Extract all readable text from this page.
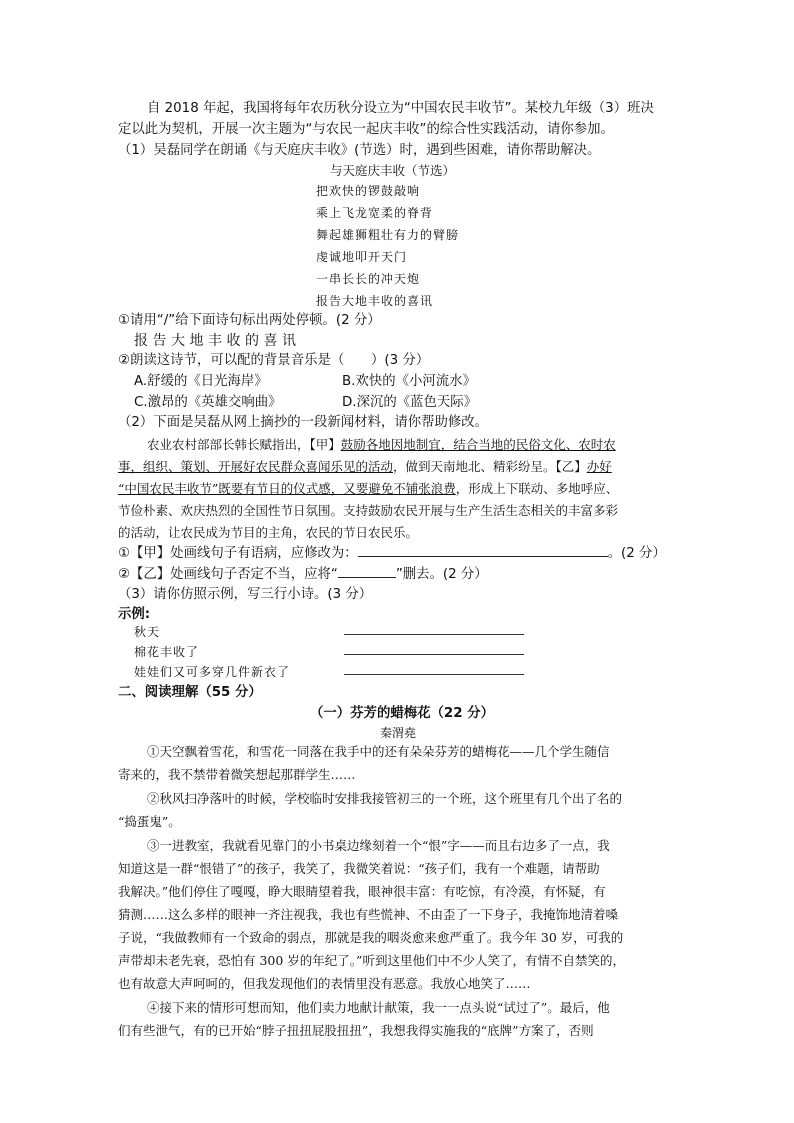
自 2018 年起，我国将每年农历秋分设立为“中国农民丰收节”。某校九年级（3）班决
定以此为契机，开展一次主题为“与农民一起庆丰收”的综合性实践活动，请你参加。
（1）吴磊同学在朗诵《与天庭庆丰收》(节选）时，遇到些困难，请你帮助解决。
与天庭庆丰收（节选）
把欢快的锣鼓敲响
乘上飞龙宽柔的脊背
舞起雄狮粗壮有力的臂膀
虔诚地叩开天门
一串长长的冲天炮
报告大地丰收的喜讯
①请用“/”给下面诗句标出两处停顿。(2 分）
报告大地丰收的喜讯
②朗读这诗节，可以配的背景音乐是（　　）(3 分）
A.舒缓的《日光海岸》	B.欢快的《小河流水》
C.激昂的《英雄交响曲》	D.深沉的《蓝色天际》
（2）下面是吴磊从网上摘抄的一段新闻材料，请你帮助修改。
农业农村部部长韩长赋指出，【甲】鼓励各地因地制宜，结合当地的民俗文化、农时农
事，组织、策划、开展好农民群众喜闻乐见的活动，做到天南地北、精彩纷呈。【乙】办好
“中国农民丰收节”既要有节日的仪式感，又要避免不铺张浪费，形成上下联动、多地呼应、
节俭朴素、欢庆热烈的全国性节日氛围。支持鼓励农民开展与生产生活生态相关的丰富多彩
的活动，让农民成为节目的主角，农民的节日农民乐。
①【甲】处画线句子有语病，应修改为：	。(2 分）
②【乙】处画线句子否定不当，应将“	”删去。(2 分）
（3）请你仿照示例，写三行小诗。(3 分）
示例:
秋天
棉花丰收了
娃娃们又可多穿几件新衣了
二、阅读理解（55 分）
（一）芬芳的蜡梅花（22 分）
秦渭堯
①天空飘着雪花，和雪花一同落在我手中的还有朵朵芬芳的蜡梅花——几个学生随信
寄来的，我不禁带着微笑想起那群学生……
②秋风扫净落叶的时候，学校临时安排我接管初三的一个班，这个班里有几个出了名的
“捣蛋鬼”。
③一进教室，我就看见靠门的小书桌边缘刻着一个“恨”字——而且右边多了一点，我
知道这是一群“恨错了”的孩子，我笑了，我微笑着说：“孩子们，我有一个难题，请帮助
我解决。”他们停住了嘎嘎，睁大眼睛望着我，眼神很丰富：有吃惊，有冷漠，有怀疑，有
猜测……这么多样的眼神一齐注视我，我也有些慌神、不由歪了一下身子，我掩饰地清着嗓
子说，“我做教师有一个致命的弱点，那就是我的咽炎愈来愈严重了。我今年 30 岁，可我的
声带却未老先衰，恐怕有 300 岁的年纪了。”听到这里他们中不少人笑了，有情不自禁笑的，
也有故意大声呵呵的，但我发现他们的表情里没有恶意。我放心地笑了……
④接下来的情形可想而知，他们卖力地献计献策，我一一点头说“试过了”。最后，他
们有些泄气，有的已开始“脖子扭扭屁股扭扭”，我想我得实施我的“底牌”方案了，否则
